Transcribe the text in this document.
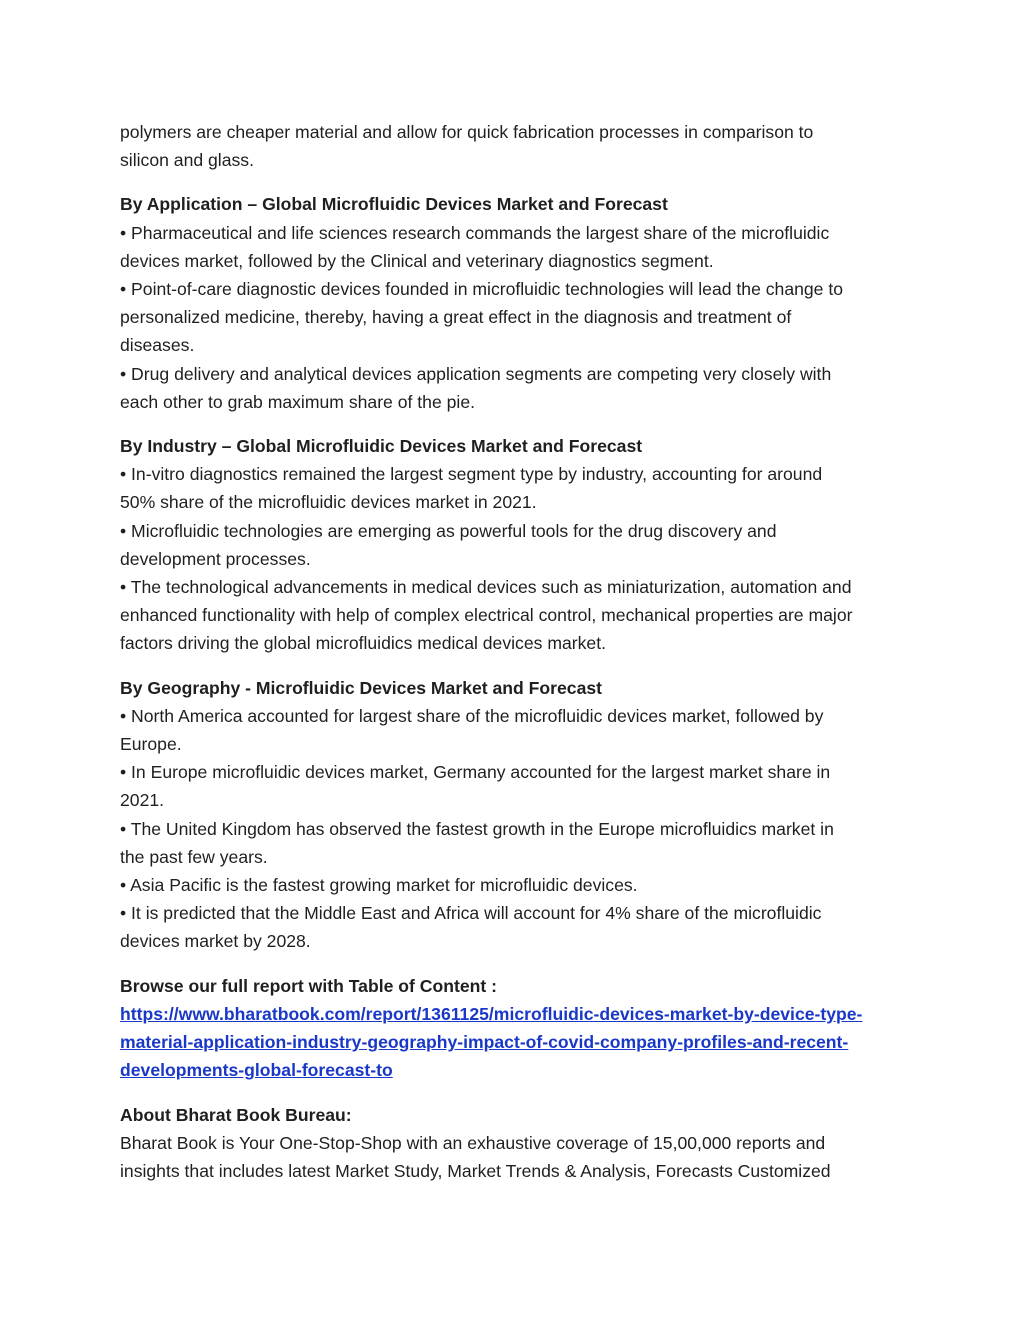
polymers are cheaper material and allow for quick fabrication processes in comparison to
silicon and glass.
By Application – Global Microfluidic Devices Market and Forecast
• Pharmaceutical and life sciences research commands the largest share of the microfluidic
devices market, followed by the Clinical and veterinary diagnostics segment.
• Point-of-care diagnostic devices founded in microfluidic technologies will lead the change to
personalized medicine, thereby, having a great effect in the diagnosis and treatment of
diseases.
• Drug delivery and analytical devices application segments are competing very closely with
each other to grab maximum share of the pie.
By Industry – Global Microfluidic Devices Market and Forecast
• In-vitro diagnostics remained the largest segment type by industry, accounting for around
50% share of the microfluidic devices market in 2021.
• Microfluidic technologies are emerging as powerful tools for the drug discovery and
development processes.
• The technological advancements in medical devices such as miniaturization, automation and
enhanced functionality with help of complex electrical control, mechanical properties are major
factors driving the global microfluidics medical devices market.
By Geography - Microfluidic Devices Market and Forecast
• North America accounted for largest share of the microfluidic devices market, followed by
Europe.
• In Europe microfluidic devices market, Germany accounted for the largest market share in
2021.
• The United Kingdom has observed the fastest growth in the Europe microfluidics market in
the past few years.
• Asia Pacific is the fastest growing market for microfluidic devices.
• It is predicted that the Middle East and Africa will account for 4% share of the microfluidic
devices market by 2028.
Browse our full report with Table of Content :
https://www.bharatbook.com/report/1361125/microfluidic-devices-market-by-device-type-
material-application-industry-geography-impact-of-covid-company-profiles-and-recent-
developments-global-forecast-to
About Bharat Book Bureau:
Bharat Book is Your One-Stop-Shop with an exhaustive coverage of 15,00,000 reports and
insights that includes latest Market Study, Market Trends & Analysis, Forecasts Customized
